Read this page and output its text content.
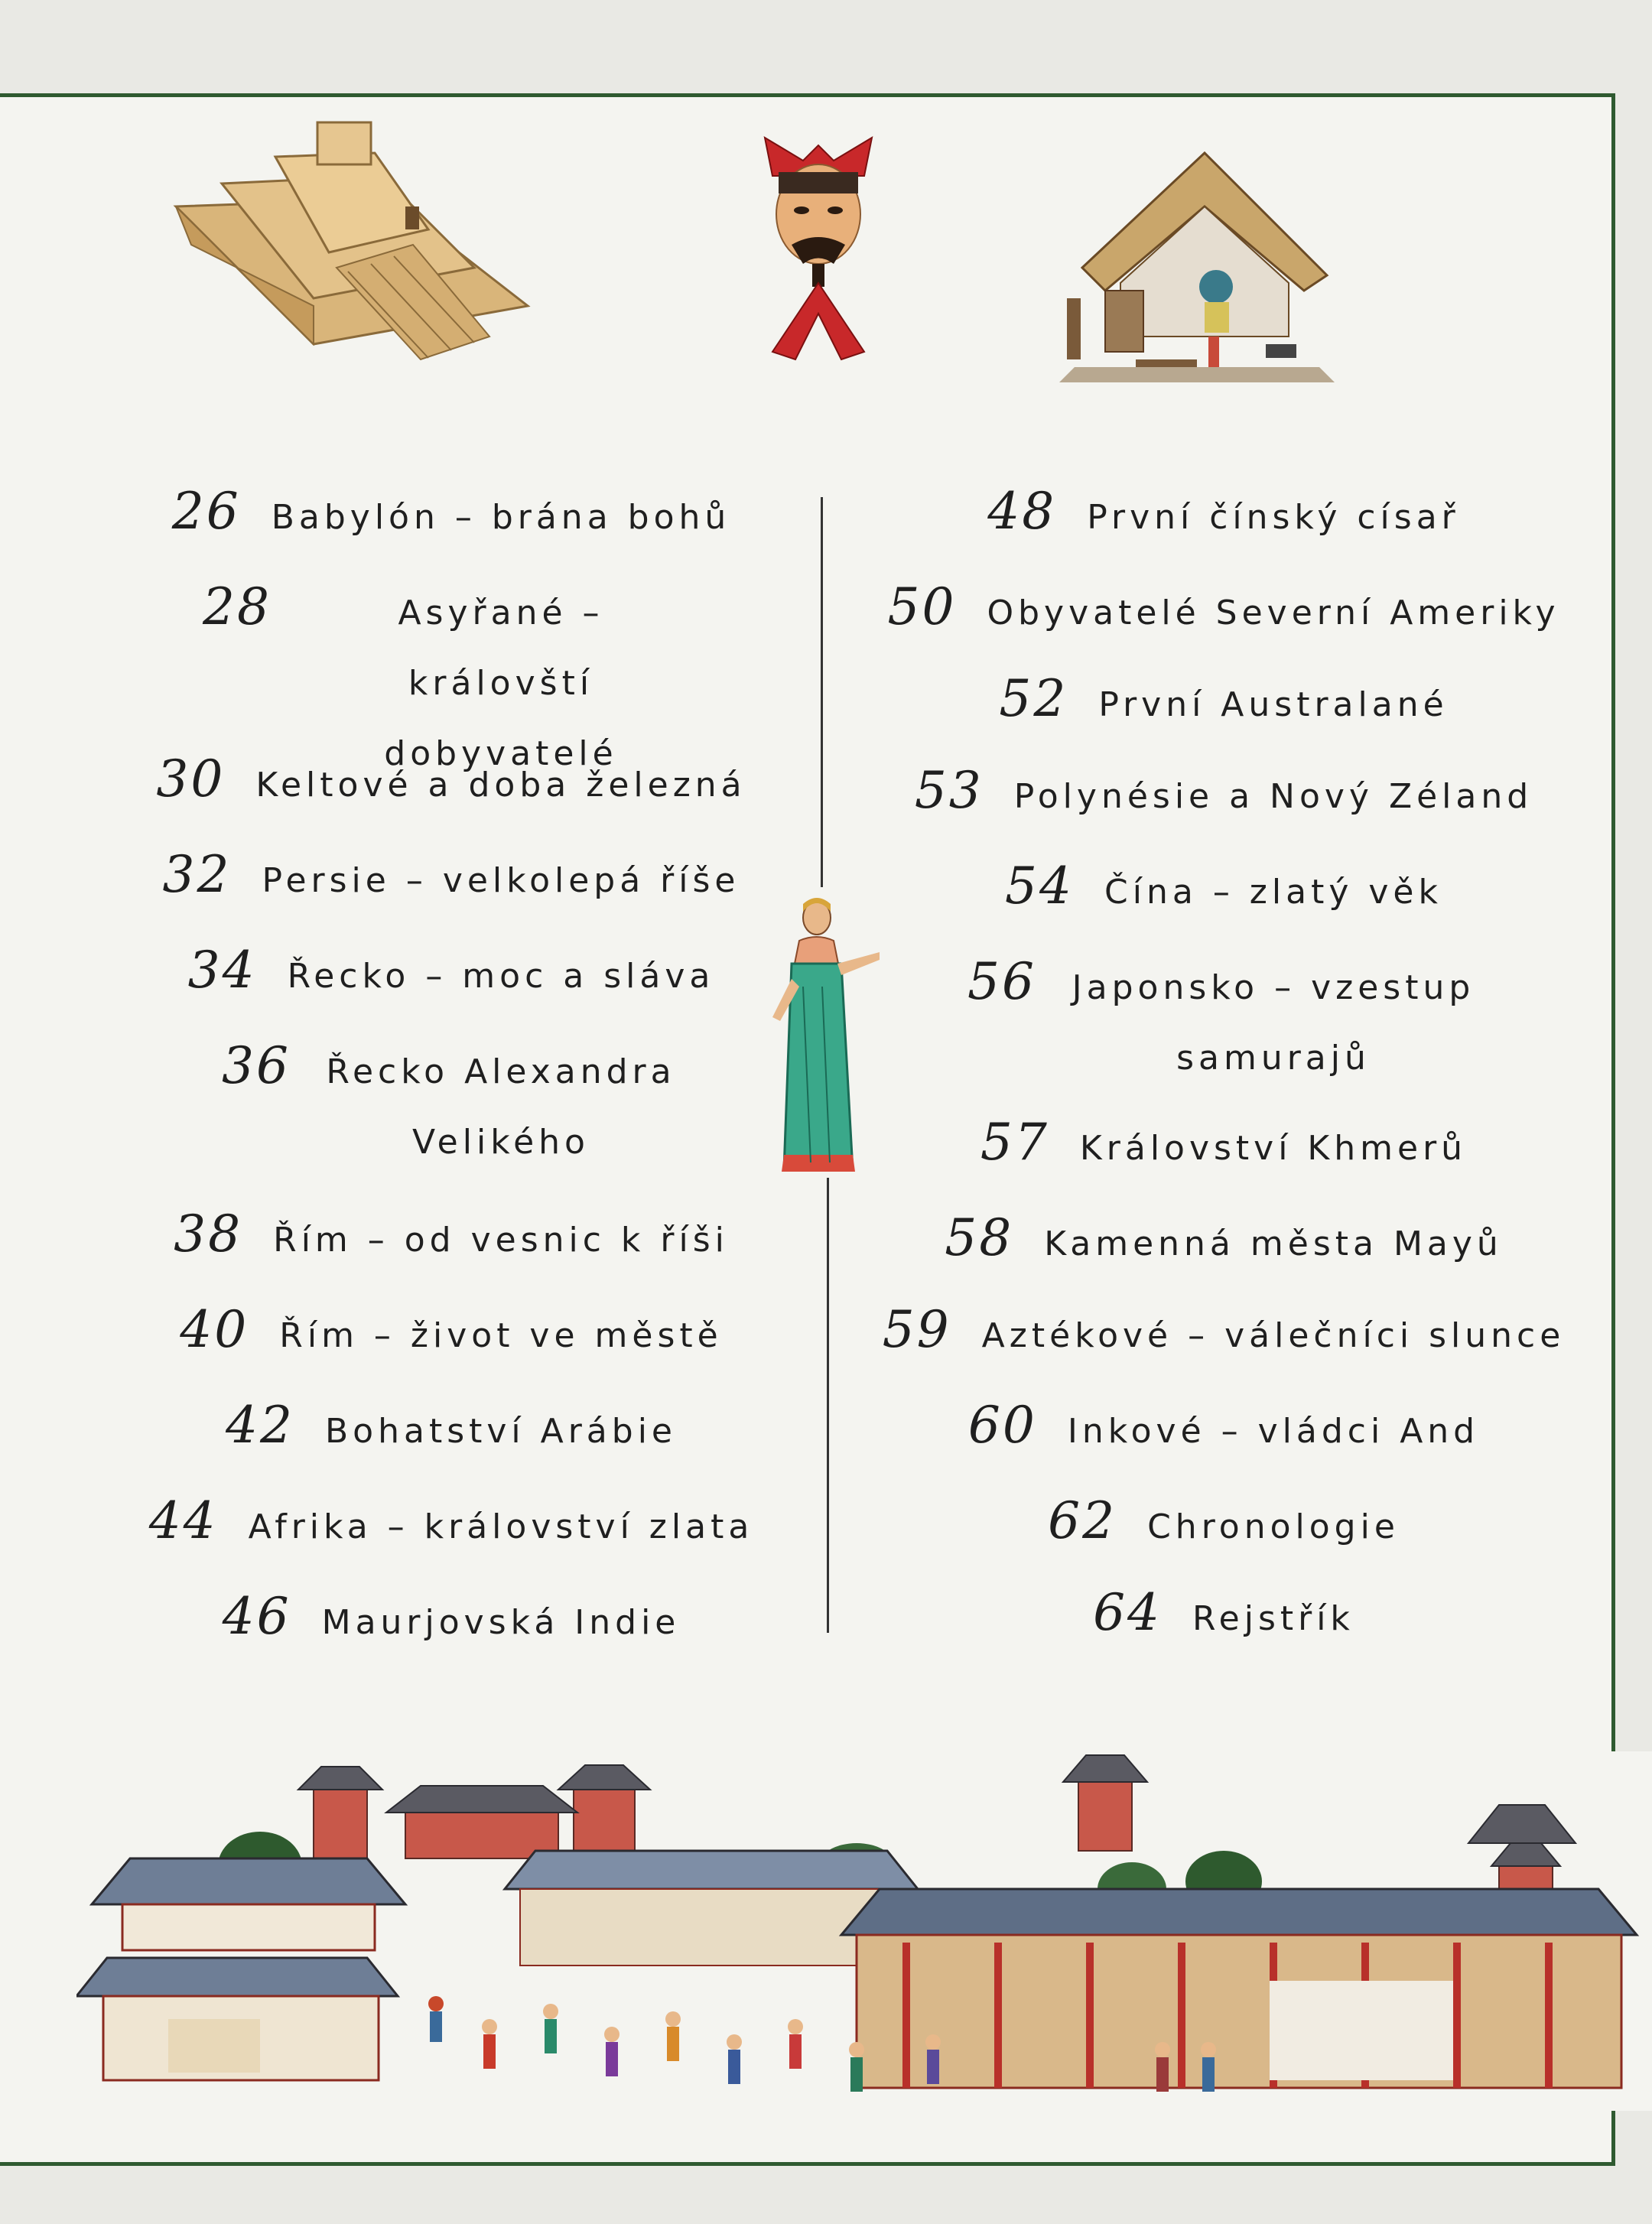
26 Babylón – brána bohů
28	Asyřané – královští dobyvatelé
30 Keltové a doba železná
32 Persie – velkolepá říše
34 Řecko – moc a sláva
36 Řecko Alexandra Velikého
38 Řím – od vesnic k říši
40 Řím – život ve městě
42 Bohatství Arábie
44 Afrika – království zlata
46 Maurjovská Indie
48 První čínský císař
50 Obyvatelé Severní Ameriky
52 První Australané
53 Polynésie a Nový Zéland
54 Čína – zlatý věk
56 Japonsko – vzestup samurajů
57 Království Khmerů
58 Kamenná města Mayů
59 Aztékové – válečníci slunce
60 Inkové – vládci And
62 Chronologie
64 Rejstřík
